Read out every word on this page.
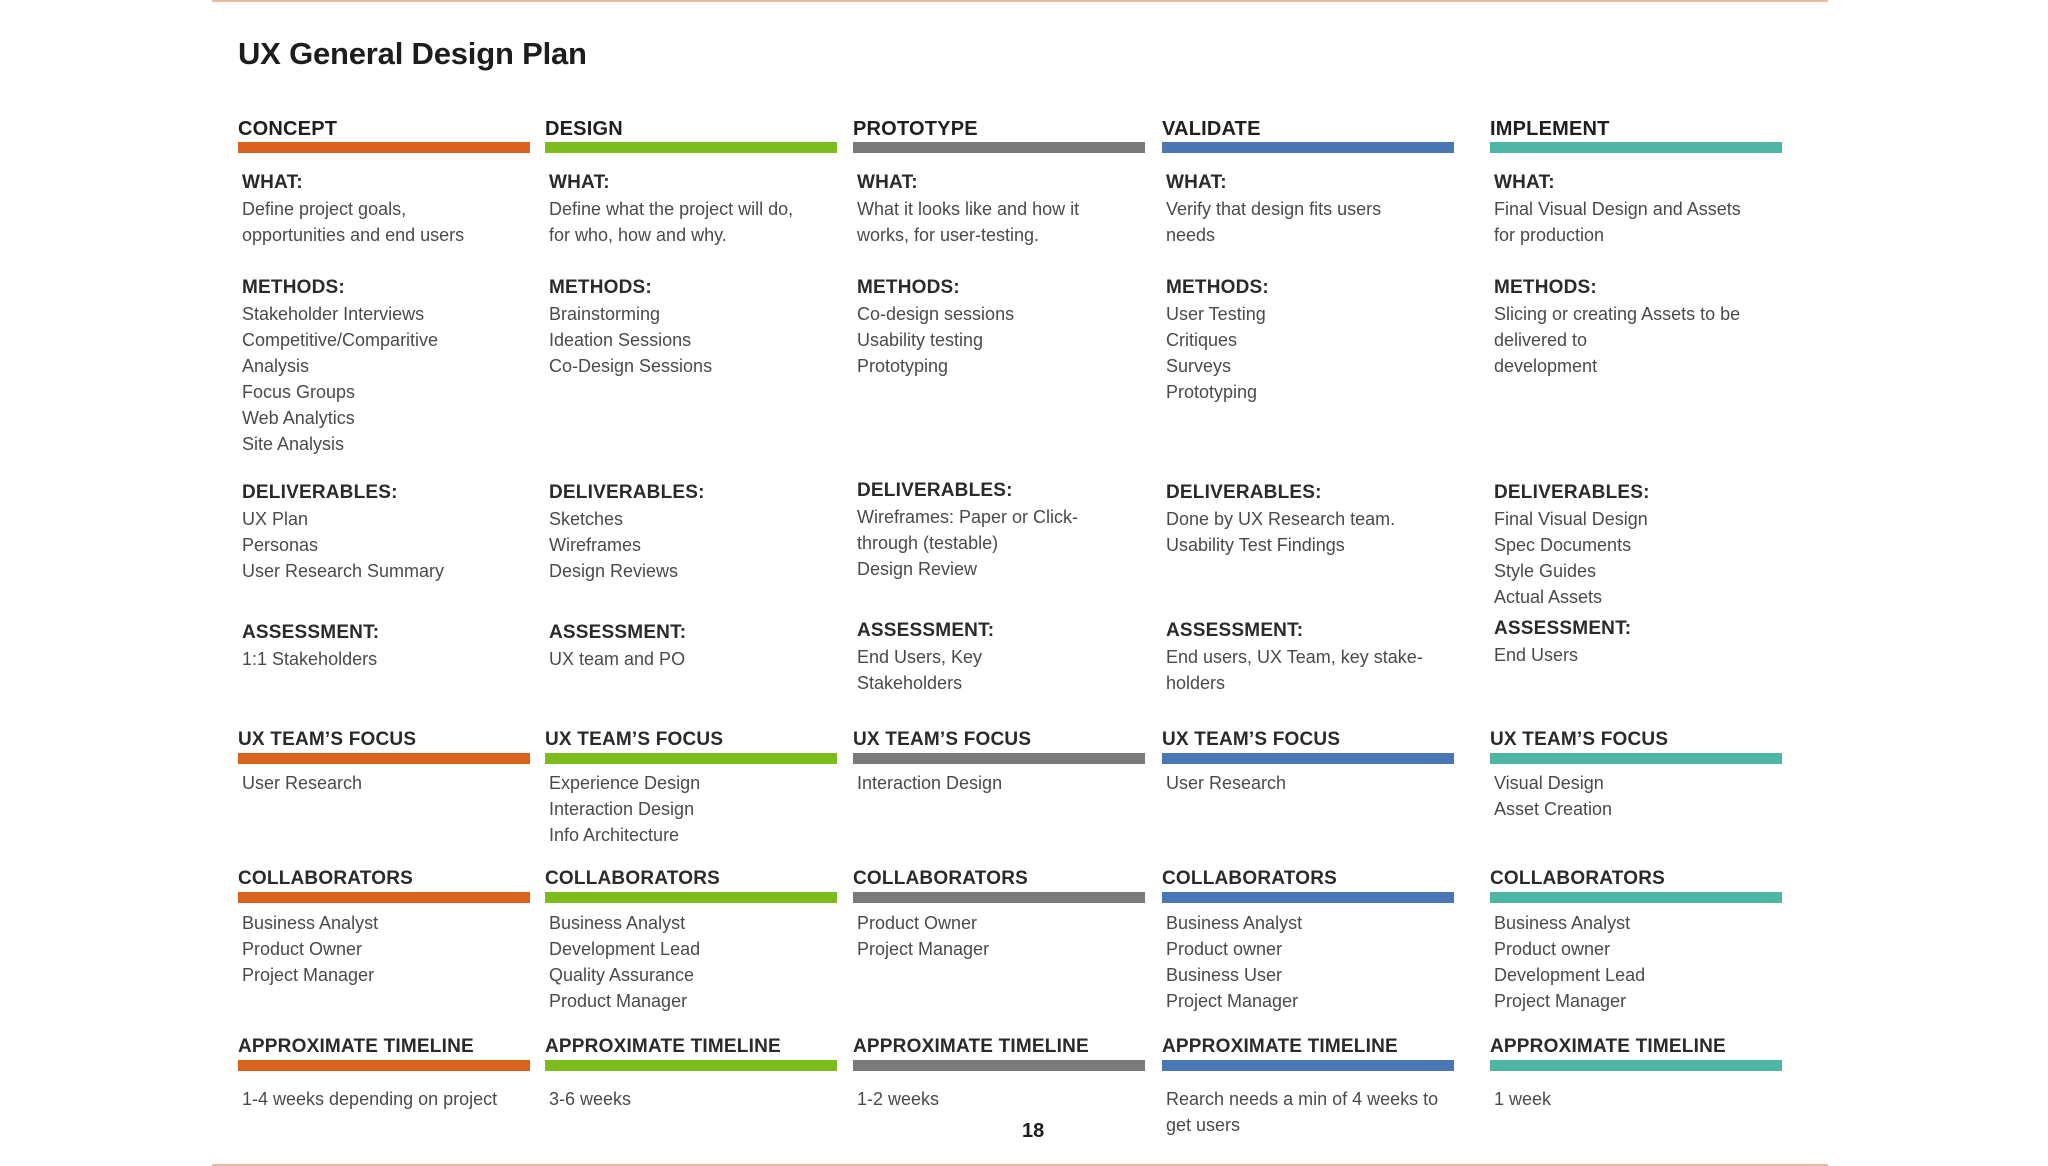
UX General Design Plan
CONCEPT
WHAT:
Define project goals,
opportunities and end users
METHODS:
Stakeholder Interviews
Competitive/Comparitive
Analysis
Focus Groups
Web Analytics
Site Analysis
DELIVERABLES:
UX Plan
Personas
User Research Summary
ASSESSMENT:
1:1 Stakeholders
UX TEAM’S FOCUS
User Research
COLLABORATORS
Business Analyst
Product Owner
Project Manager
APPROXIMATE TIMELINE
1-4 weeks depending on project
DESIGN
WHAT:
Define what the project will do,
for who, how and why.
METHODS:
Brainstorming
Ideation Sessions
Co-Design Sessions
DELIVERABLES:
Sketches
Wireframes
Design Reviews
ASSESSMENT:
UX team and PO
UX TEAM’S FOCUS
Experience Design
Interaction Design
Info Architecture
COLLABORATORS
Business Analyst
Development Lead
Quality Assurance
Product Manager
APPROXIMATE TIMELINE
3-6 weeks
PROTOTYPE
WHAT:
What it looks like and how it
works, for user-testing.
METHODS:
Co-design sessions
Usability testing
Prototyping
DELIVERABLES:
Wireframes: Paper or Click-
through (testable)
Design Review
ASSESSMENT:
End Users, Key
Stakeholders
UX TEAM’S FOCUS
Interaction Design
COLLABORATORS
Product Owner
Project Manager
APPROXIMATE TIMELINE
1-2 weeks
VALIDATE
WHAT:
Verify that design fits users
needs
METHODS:
User Testing
Critiques
Surveys
Prototyping
DELIVERABLES:
Done by UX Research team.
Usability Test Findings
ASSESSMENT:
End users, UX Team, key stake-
holders
UX TEAM’S FOCUS
User Research
COLLABORATORS
Business Analyst
Product owner
Business User
Project Manager
APPROXIMATE TIMELINE
Rearch needs a min of 4 weeks to
get users
IMPLEMENT
WHAT:
Final Visual Design and Assets
for production
METHODS:
Slicing or creating Assets to be
delivered to
development
DELIVERABLES:
Final Visual Design
Spec Documents
Style Guides
Actual Assets
ASSESSMENT:
End Users
UX TEAM’S FOCUS
Visual Design
Asset Creation
COLLABORATORS
Business Analyst
Product owner
Development Lead
Project Manager
APPROXIMATE TIMELINE
1 week
18
